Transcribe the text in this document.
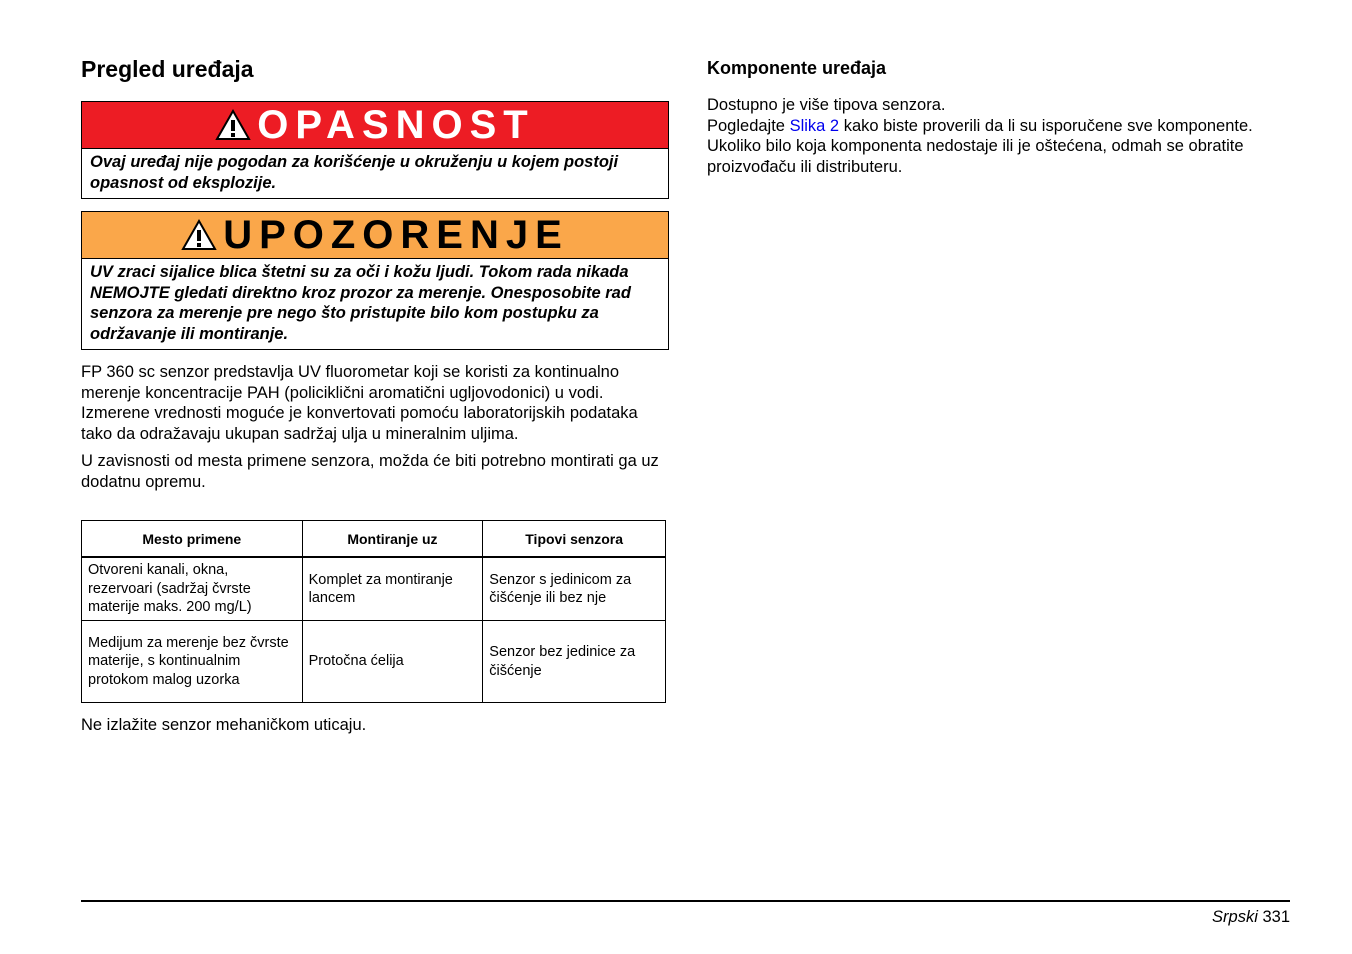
Pregled uređaja
OPASNOST
Ovaj uređaj nije pogodan za korišćenje u okruženju u kojem postoji opasnost od eksplozije.
UPOZORENJE
UV zraci sijalice blica štetni su za oči i kožu ljudi. Tokom rada nikada NEMOJTE gledati direktno kroz prozor za merenje. Onesposobite rad senzora za merenje pre nego što pristupite bilo kom postupku za održavanje ili montiranje.

FP 360 sc senzor predstavlja UV fluorometar koji se koristi za kontinualno merenje koncentracije PAH (policiklični aromatični ugljovodonici) u vodi. Izmerene vrednosti moguće je konvertovati pomoću laboratorijskih podataka tako da odražavaju ukupan sadržaj ulja u mineralnim uljima.

U zavisnosti od mesta primene senzora, možda će biti potrebno montirati ga uz dodatnu opremu.

Mesto primene	Montiranje uz	Tipovi senzora
Otvoreni kanali, okna, rezervoari (sadržaj čvrste materije maks. 200 mg/L)	Komplet za montiranje lancem	Senzor s jedinicom za čišćenje ili bez nje
Medijum za merenje bez čvrste materije, s kontinualnim protokom malog uzorka	Protočna ćelija	Senzor bez jedinice za čišćenje

Ne izlažite senzor mehaničkom uticaju.

Komponente uređaja

Dostupno je više tipova senzora.
Pogledajte Slika 2 kako biste proverili da li su isporučene sve komponente. Ukoliko bilo koja komponenta nedostaje ili je oštećena, odmah se obratite proizvođaču ili distributeru.

Srpski 331
